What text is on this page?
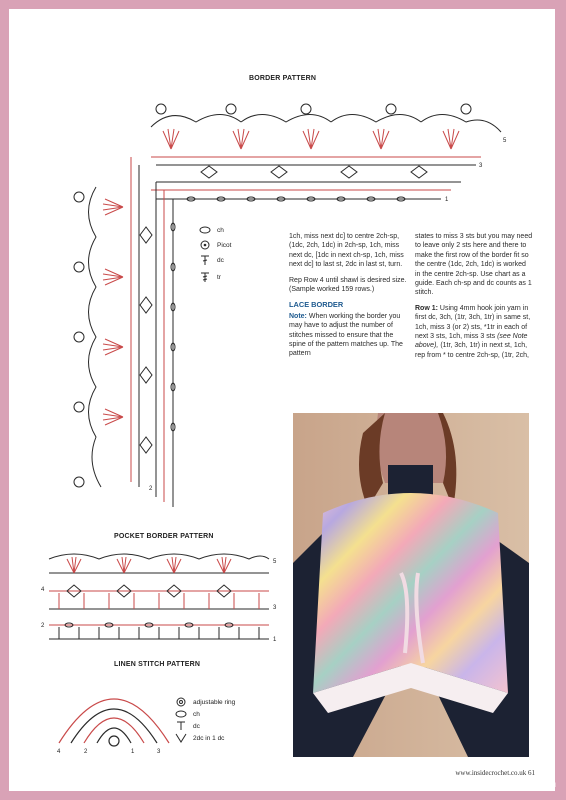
BORDER PATTERN
5
3
1
2
ch
Picot
dc
tr

1ch, miss next dc] to centre 2ch-sp, (1dc, 2ch, 1dc) in 2ch-sp, 1ch, miss next dc, [1dc in next ch-sp, 1ch, miss next dc] to last st, 2dc in last st, turn.

Rep Row 4 until shawl is desired size. (Sample worked 159 rows.)

LACE BORDER

Note: When working the border you may have to adjust the number of stitches missed to ensure that the spine of the pattern matches up. The pattern

states to miss 3 sts but you may need to leave only 2 sts here and there to make the first row of the border fit so the centre (1dc, 2ch, 1dc) is worked in the centre 2ch-sp. Use chart as a guide. Each ch-sp and dc counts as 1 stitch.

Row 1: Using 4mm hook join yarn in first dc, 3ch, (1tr, 3ch, 1tr) in same st, 1ch, miss 3 (or 2) sts, *1tr in each of next 3 sts, 1ch, miss 3 sts (see Note above), (1tr, 3ch, 1tr) in next st, 1ch, rep from * to centre 2ch-sp, (1tr, 2ch,

POCKET BORDER PATTERN
5
4
3
2
1
LINEN STITCH PATTERN
4	2	1	3
adjustable ring
ch
dc
2dc in 1 dc
www.insidecrochet.co.uk 61
PassionForum.ru
